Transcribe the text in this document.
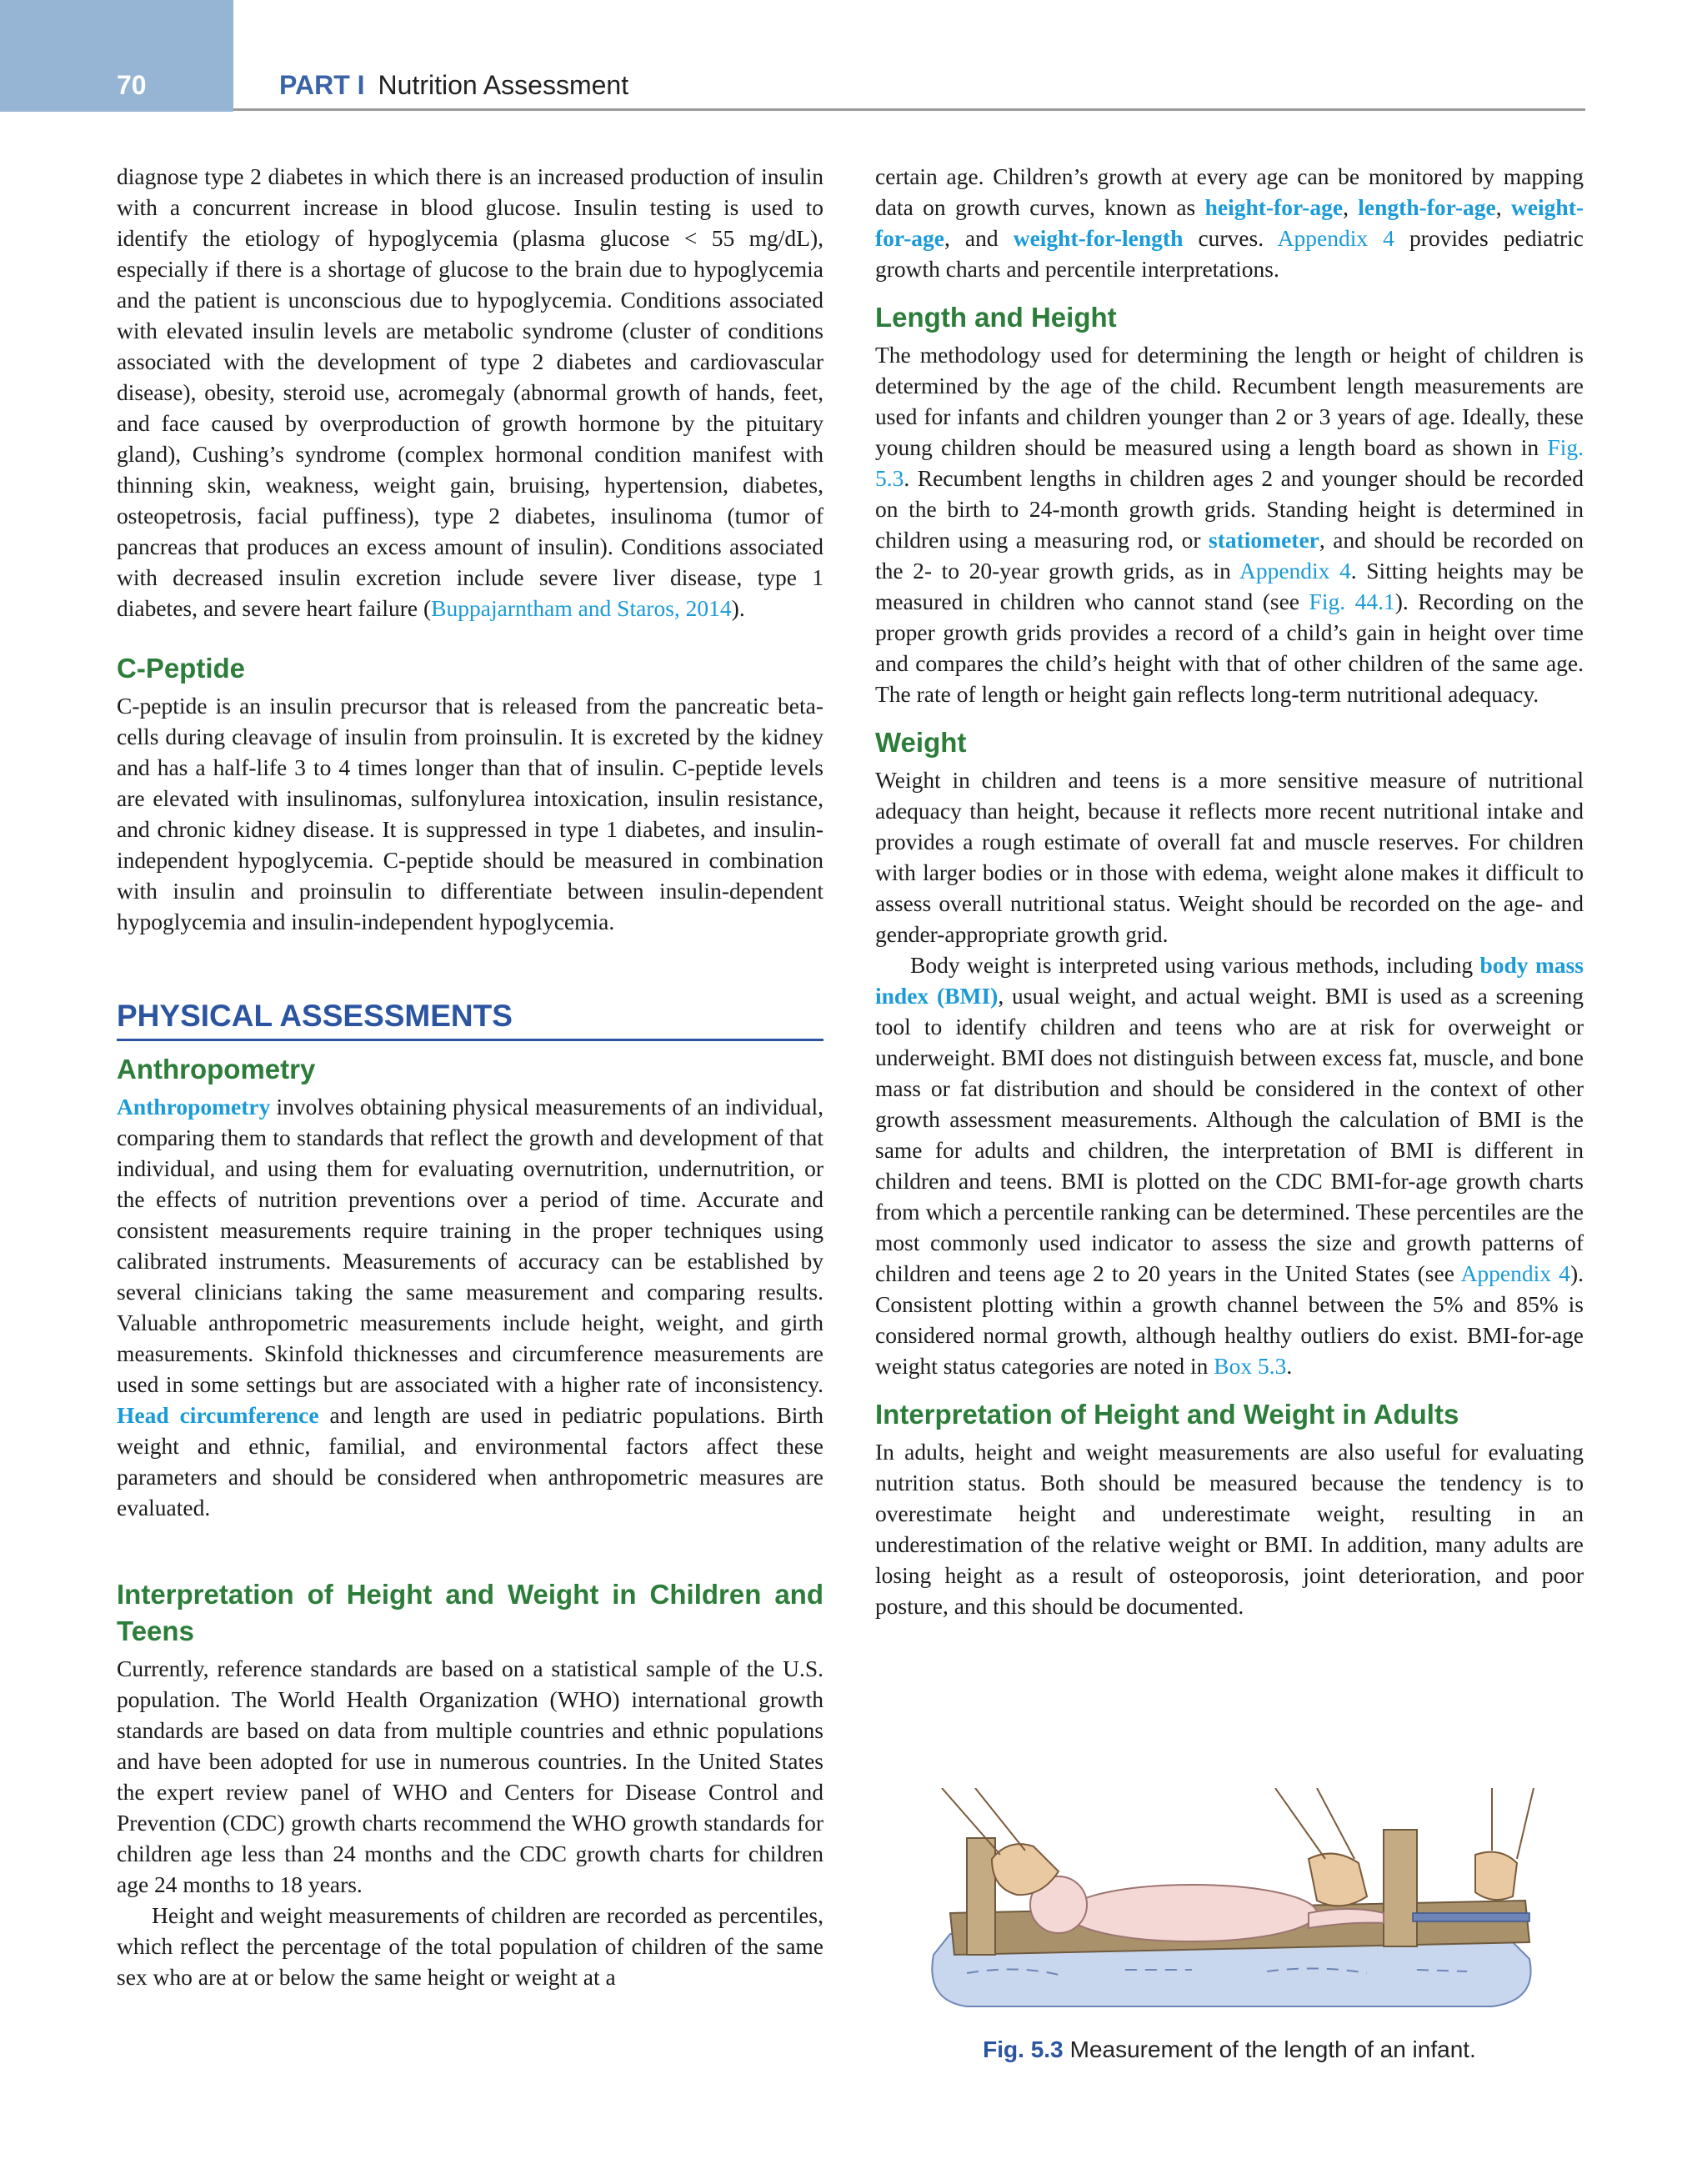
70	PART I Nutrition Assessment

diagnose type 2 diabetes in which there is an increased production of insulin with a concurrent increase in blood glucose. Insulin testing is used to identify the etiology of hypoglycemia (plasma glucose < 55 mg/dL), especially if there is a shortage of glucose to the brain due to hypoglycemia and the patient is unconscious due to hypoglycemia. Conditions associated with elevated insulin levels are metabolic syndrome (cluster of conditions associated with the development of type 2 diabetes and cardiovascular disease), obesity, steroid use, acromegaly (abnormal growth of hands, feet, and face caused by overproduction of growth hormone by the pituitary gland), Cushing’s syndrome (complex hormonal condition manifest with thinning skin, weakness, weight gain, bruising, hypertension, diabetes, osteopetrosis, facial puffiness), type 2 diabetes, insulinoma (tumor of pancreas that produces an excess amount of insulin). Conditions associated with decreased insulin excretion include severe liver disease, type 1 diabetes, and severe heart failure (Buppajarntham and Staros, 2014).

C-Peptide

C-peptide is an insulin precursor that is released from the pancreatic beta-cells during cleavage of insulin from proinsulin. It is excreted by the kidney and has a half-life 3 to 4 times longer than that of insulin. C-peptide levels are elevated with insulinomas, sulfonylurea intoxication, insulin resistance, and chronic kidney disease. It is suppressed in type 1 diabetes, and insulin-independent hypoglycemia. C-peptide should be measured in combination with insulin and proinsulin to differentiate between insulin-dependent hypoglycemia and insulin-independent hypoglycemia.

PHYSICAL ASSESSMENTS
Anthropometry

Anthropometry involves obtaining physical measurements of an individual, comparing them to standards that reflect the growth and development of that individual, and using them for evaluating overnutrition, undernutrition, or the effects of nutrition preventions over a period of time. Accurate and consistent measurements require training in the proper techniques using calibrated instruments. Measurements of accuracy can be established by several clinicians taking the same measurement and comparing results. Valuable anthropometric measurements include height, weight, and girth measurements. Skinfold thicknesses and circumference measurements are used in some settings but are associated with a higher rate of inconsistency. Head circumference and length are used in pediatric populations. Birth weight and ethnic, familial, and environmental factors affect these parameters and should be considered when anthropometric measures are evaluated.

Interpretation of Height and Weight in Children and Teens

Currently, reference standards are based on a statistical sample of the U.S. population. The World Health Organization (WHO) international growth standards are based on data from multiple countries and ethnic populations and have been adopted for use in numerous countries. In the United States the expert review panel of WHO and Centers for Disease Control and Prevention (CDC) growth charts recommend the WHO growth standards for children age less than 24 months and the CDC growth charts for children age 24 months to 18 years.

Height and weight measurements of children are recorded as percentiles, which reflect the percentage of the total population of children of the same sex who are at or below the same height or weight at a

certain age. Children’s growth at every age can be monitored by mapping data on growth curves, known as height-for-age, length-for-age, weight-for-age, and weight-for-length curves. Appendix 4 provides pediatric growth charts and percentile interpretations.

Length and Height

The methodology used for determining the length or height of children is determined by the age of the child. Recumbent length measurements are used for infants and children younger than 2 or 3 years of age. Ideally, these young children should be measured using a length board as shown in Fig. 5.3. Recumbent lengths in children ages 2 and younger should be recorded on the birth to 24-month growth grids. Standing height is determined in children using a measuring rod, or statiometer, and should be recorded on the 2- to 20-year growth grids, as in Appendix 4. Sitting heights may be measured in children who cannot stand (see Fig. 44.1). Recording on the proper growth grids provides a record of a child’s gain in height over time and compares the child’s height with that of other children of the same age. The rate of length or height gain reflects long-term nutritional adequacy.

Weight

Weight in children and teens is a more sensitive measure of nutritional adequacy than height, because it reflects more recent nutritional intake and provides a rough estimate of overall fat and muscle reserves. For children with larger bodies or in those with edema, weight alone makes it difficult to assess overall nutritional status. Weight should be recorded on the age- and gender-appropriate growth grid.

Body weight is interpreted using various methods, including body mass index (BMI), usual weight, and actual weight. BMI is used as a screening tool to identify children and teens who are at risk for overweight or underweight. BMI does not distinguish between excess fat, muscle, and bone mass or fat distribution and should be considered in the context of other growth assessment measurements. Although the calculation of BMI is the same for adults and children, the interpretation of BMI is different in children and teens. BMI is plotted on the CDC BMI-for-age growth charts from which a percentile ranking can be determined. These percentiles are the most commonly used indicator to assess the size and growth patterns of children and teens age 2 to 20 years in the United States (see Appendix 4). Consistent plotting within a growth channel between the 5% and 85% is considered normal growth, although healthy outliers do exist. BMI-for-age weight status categories are noted in Box 5.3.

Interpretation of Height and Weight in Adults

In adults, height and weight measurements are also useful for evaluating nutrition status. Both should be measured because the tendency is to overestimate height and underestimate weight, resulting in an underestimation of the relative weight or BMI. In addition, many adults are losing height as a result of osteoporosis, joint deterioration, and poor posture, and this should be documented.

Fig. 5.3 Measurement of the length of an infant.
